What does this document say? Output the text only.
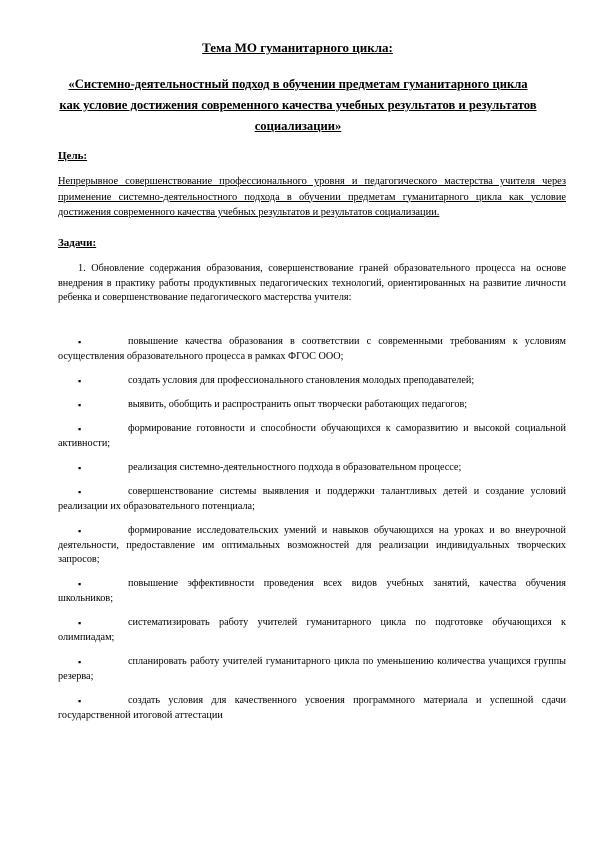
Тема МО гуманитарного цикла:
«Системно-деятельностный подход в обучении предметам гуманитарного цикла как условие достижения современного качества учебных результатов и результатов социализации»
Цель:
Непрерывное совершенствование профессионального уровня и педагогического мастерства учителя через применение системно-деятельностного подхода в обучении предметам гуманитарного цикла как условие достижения современного качества учебных результатов и результатов социализации.
Задачи:
1. Обновление содержания образования, совершенствование граней образовательного процесса на основе внедрения в практику работы продуктивных педагогических технологий, ориентированных на развитие личности ребенка и совершенствование педагогического мастерства учителя:
▪	повышение качества образования в соответствии с современными требованиям к условиям осуществления образовательного процесса в рамках ФГОС ООО;
▪	создать условия для профессионального становления молодых преподавателей;
▪	выявить, обобщить и распространить опыт творчески работающих педагогов;
▪	формирование готовности и способности обучающихся к саморазвитию и высокой социальной активности;
▪	реализация системно-деятельностного подхода в образовательном процессе;
▪	совершенствование системы выявления и поддержки талантливых детей и создание условий реализации их образовательного потенциала;
▪	формирование исследовательских умений и навыков обучающихся на уроках и во внеурочной деятельности, предоставление им оптимальных возможностей для реализации индивидуальных творческих запросов;
▪	повышение эффективности проведения всех видов учебных занятий, качества обучения школьников;
▪	систематизировать работу учителей гуманитарного цикла по подготовке обучающихся к олимпиадам;
▪	спланировать работу учителей гуманитарного цикла по уменьшению количества учащихся группы резерва;
▪	создать условия для качественного усвоения программного материала и успешной сдачи государственной итоговой аттестации
